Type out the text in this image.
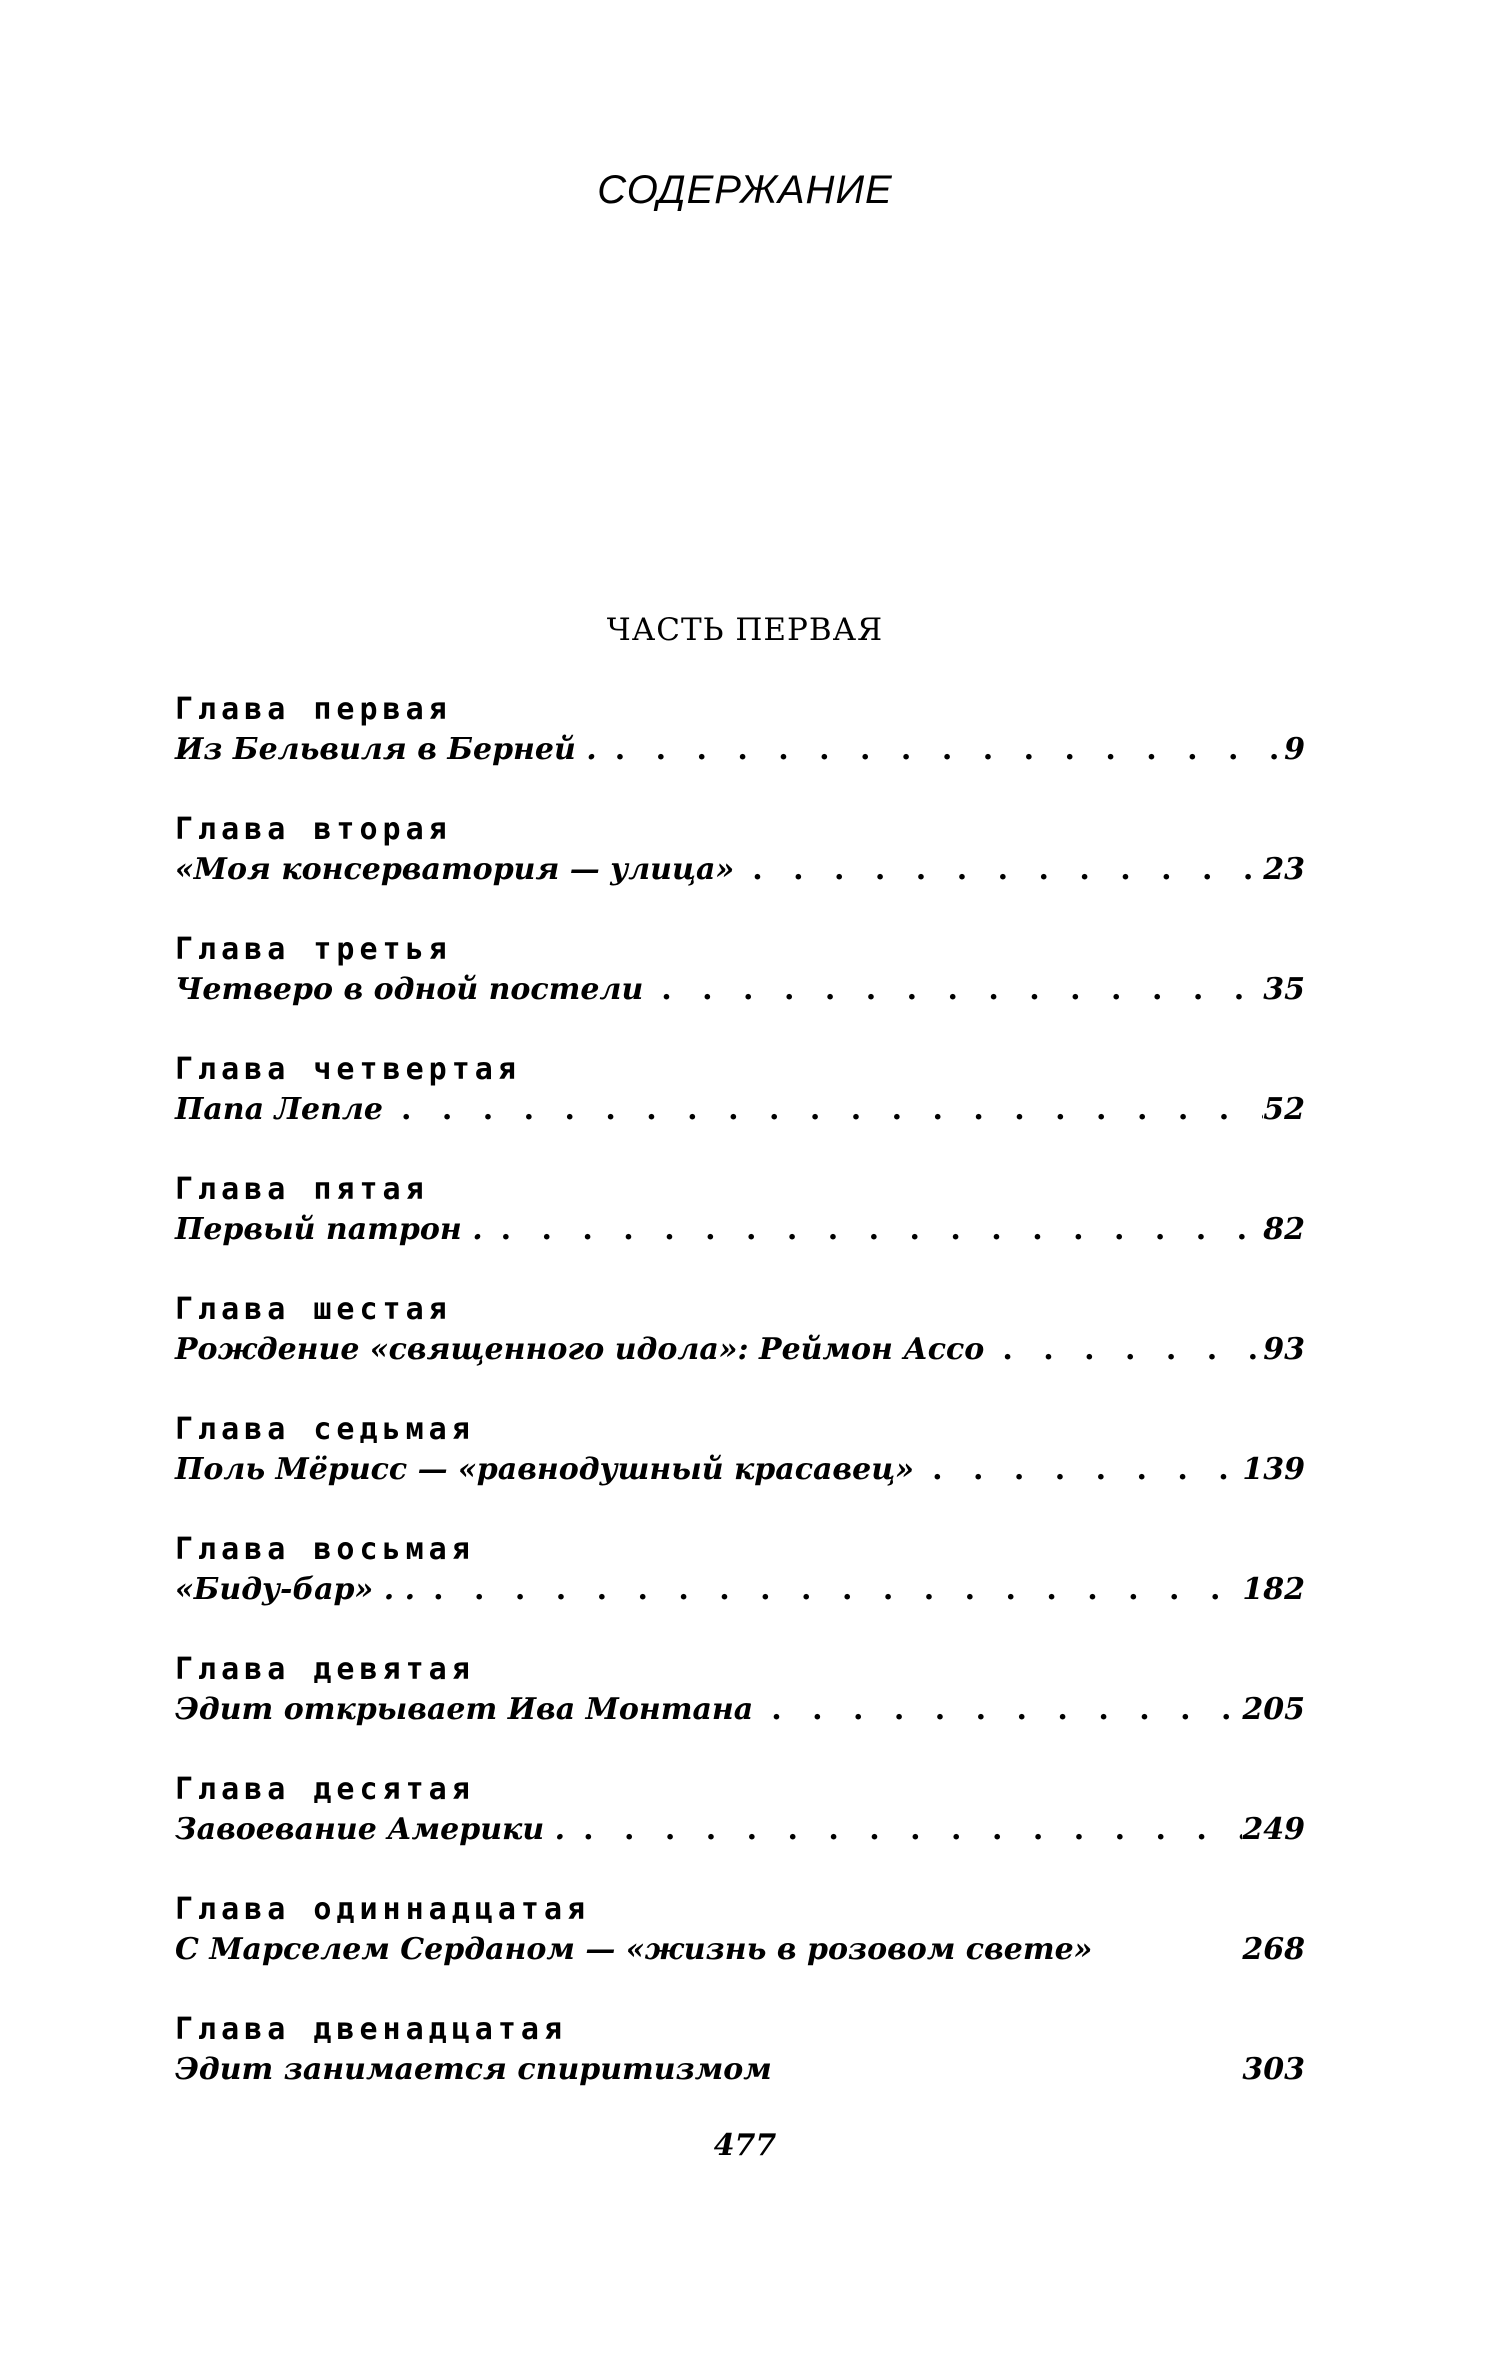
СОДЕРЖАНИЕ
ЧАСТЬ ПЕРВАЯ
Глава первая
Из Бельвиля в Берней . . . .	9
Глава вторая
«Моя консерватория — улица» . . .	23
Глава третья
Четверо в одной постели . . .	35
Глава четвертая
Папа Лепле . . .	52
Глава пятая
Первый патрон . . . .	82
Глава шестая
Рождение «священного идола»: Реймон Ассо . . .	93
Глава седьмая
Поль Мёрисс — «равнодушный красавец» . . .	139
Глава восьмая
«Биду-бар» . . . . .	182
Глава девятая
Эдит открывает Ива Монтана . . .	205
Глава десятая
Завоевание Америки . . . .	249
Глава одиннадцатая
С Марселем Серданом — «жизнь в розовом свете»	268
Глава двенадцатая
Эдит занимается спиритизмом	303
477
